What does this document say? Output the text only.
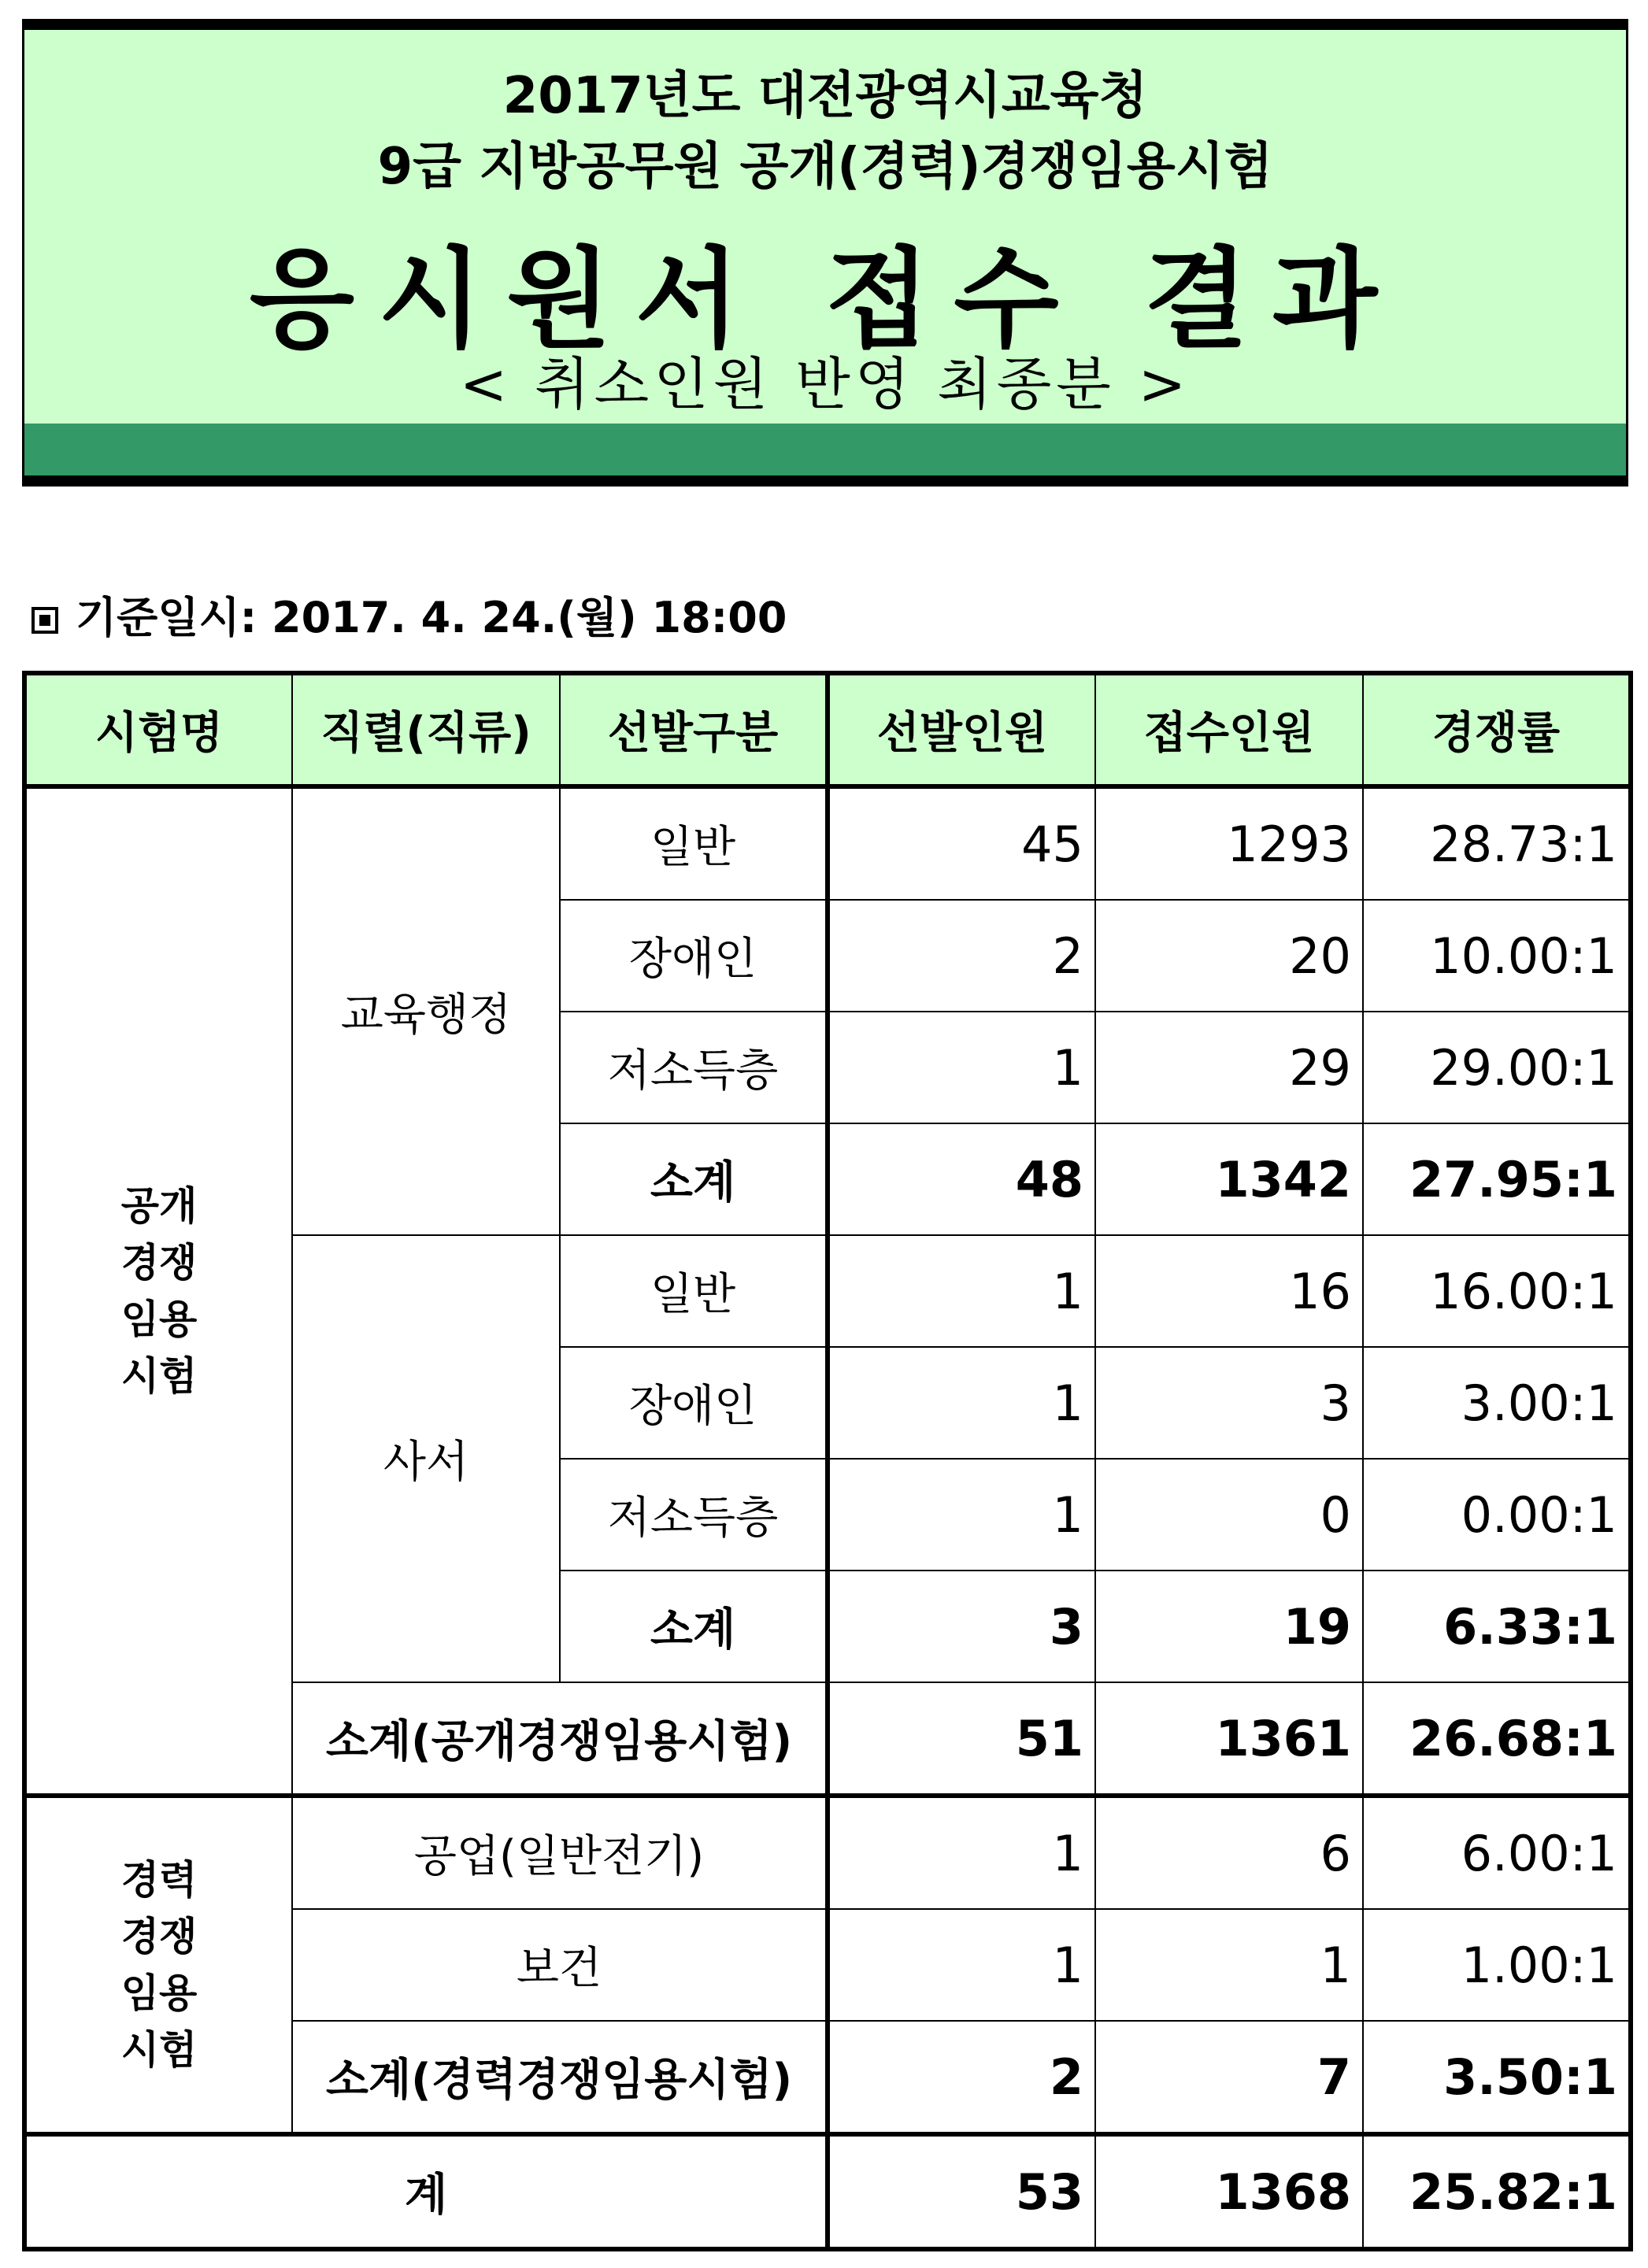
2017년도 대전광역시교육청
9급 지방공무원 공개(경력)경쟁임용시험
응시원서 접수 결과
< 취소인원 반영 최종분 >
기준일시: 2017. 4. 24.(월) 18:00
시험명	직렬(직류)	선발구분	선발인원	접수인원	경쟁률

공개
경쟁
임용
시험	교육행정	일반	45	1293	28.73:1
		장애인	2	20	10.00:1
		저소득층	1	29	29.00:1
		소계	48	1342	27.95:1
	사서	일반	1	16	16.00:1
		장애인	1	3	3.00:1
		저소득층	1	0	0.00:1
		소계	3	19	6.33:1
	소계(공개경쟁임용시험)		51	1361	26.68:1

경력
경쟁
임용
시험	공업(일반전기)		1	6	6.00:1
	보건		1	1	1.00:1
	소계(경력경쟁임용시험)		2	7	3.50:1
계			53	1368	25.82:1
